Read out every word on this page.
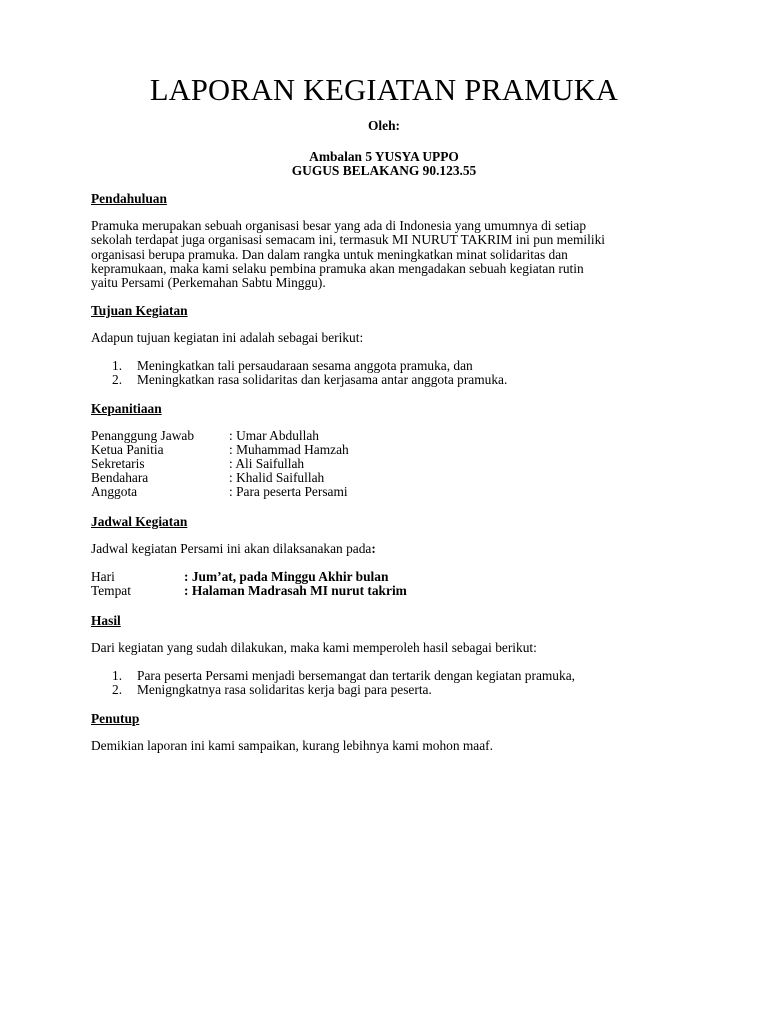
LAPORAN KEGIATAN PRAMUKA
Oleh:
Ambalan 5 YUSYA UPPO
GUGUS BELAKANG 90.123.55
Pendahuluan
Pramuka merupakan sebuah organisasi besar yang ada di Indonesia yang umumnya di setiap
sekolah terdapat juga organisasi semacam ini, termasuk MI NURUT TAKRIM ini pun memiliki
organisasi berupa pramuka. Dan dalam rangka untuk meningkatkan minat solidaritas dan
kepramukaan, maka kami selaku pembina pramuka akan mengadakan sebuah kegiatan rutin
yaitu Persami (Perkemahan Sabtu Minggu).
Tujuan Kegiatan
Adapun tujuan kegiatan ini adalah sebagai berikut:
1. Meningkatkan tali persaudaraan sesama anggota pramuka, dan
2. Meningkatkan rasa solidaritas dan kerjasama antar anggota pramuka.
Kepanitiaan
Penanggung Jawab	: Umar Abdullah
Ketua Panitia	: Muhammad Hamzah
Sekretaris	: Ali Saifullah
Bendahara	: Khalid Saifullah
Anggota	: Para peserta Persami
Jadwal Kegiatan
Jadwal kegiatan Persami ini akan dilaksanakan pada:
Hari	: Jum’at, pada Minggu Akhir bulan
Tempat	: Halaman Madrasah MI nurut takrim
Hasil
Dari kegiatan yang sudah dilakukan, maka kami memperoleh hasil sebagai berikut:
1. Para peserta Persami menjadi bersemangat dan tertarik dengan kegiatan pramuka,
2. Menigngkatnya rasa solidaritas kerja bagi para peserta.
Penutup
Demikian laporan ini kami sampaikan, kurang lebihnya kami mohon maaf.
